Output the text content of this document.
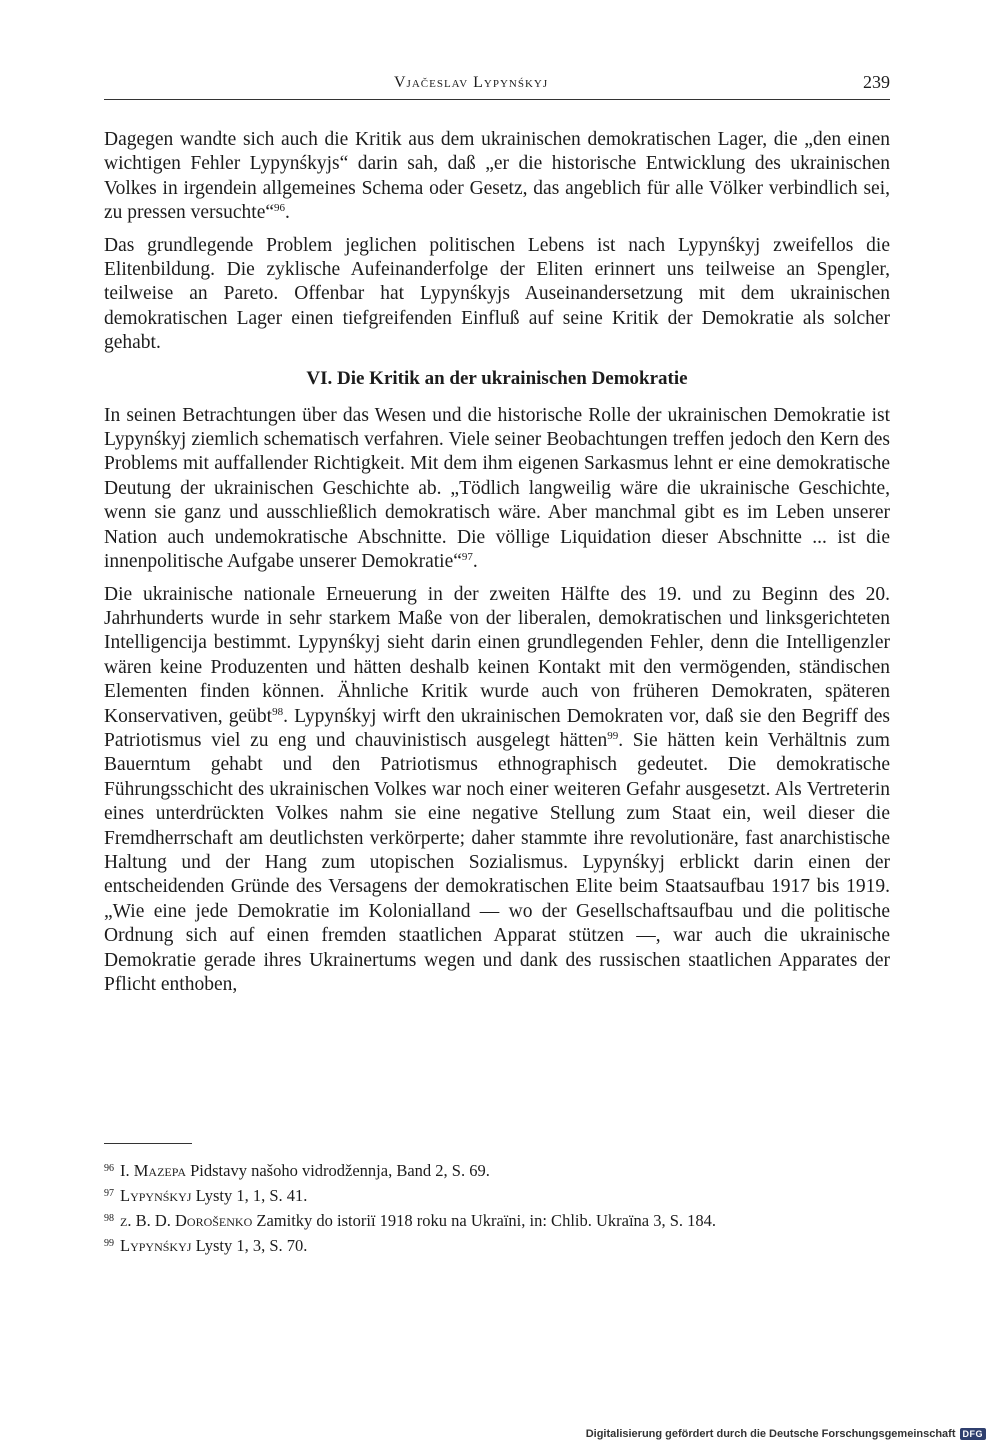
Vjačeslav Lypynśkyj	239

Dagegen wandte sich auch die Kritik aus dem ukrainischen demokratischen Lager, die „den einen wichtigen Fehler Lypynśkyjs“ darin sah, daß „er die historische Entwicklung des ukrainischen Volkes in irgendein allgemeines Schema oder Gesetz, das angeblich für alle Völker verbindlich sei, zu pressen versuchte“$^{96}$.

Das grundlegende Problem jeglichen politischen Lebens ist nach Lypynśkyj zweifellos die Elitenbildung. Die zyklische Aufeinanderfolge der Eliten erinnert uns teilweise an Spengler, teilweise an Pareto. Offenbar hat Lypynśkyjs Auseinandersetzung mit dem ukrainischen demokratischen Lager einen tiefgreifenden Einfluß auf seine Kritik der Demokratie als solcher gehabt.

VI. Die Kritik an der ukrainischen Demokratie

In seinen Betrachtungen über das Wesen und die historische Rolle der ukrainischen Demokratie ist Lypynśkyj ziemlich schematisch verfahren. Viele seiner Beobachtungen treffen jedoch den Kern des Problems mit auffallender Richtigkeit. Mit dem ihm eigenen Sarkasmus lehnt er eine demokratische Deutung der ukrainischen Geschichte ab. „Tödlich langweilig wäre die ukrainische Geschichte, wenn sie ganz und ausschließlich demokratisch wäre. Aber manchmal gibt es im Leben unserer Nation auch undemokratische Abschnitte. Die völlige Liquidation dieser Abschnitte ... ist die innenpolitische Aufgabe unserer Demokratie“$^{97}$.

Die ukrainische nationale Erneuerung in der zweiten Hälfte des 19. und zu Beginn des 20. Jahrhunderts wurde in sehr starkem Maße von der liberalen, demokratischen und linksgerichteten Intelligencija bestimmt. Lypynśkyj sieht darin einen grundlegenden Fehler, denn die Intelligenzler wären keine Produzenten und hätten deshalb keinen Kontakt mit den vermögenden, ständischen Elementen finden können. Ähnliche Kritik wurde auch von früheren Demokraten, späteren Konservativen, geübt$^{98}$. Lypynśkyj wirft den ukrainischen Demokraten vor, daß sie den Begriff des Patriotismus viel zu eng und chauvinistisch ausgelegt hätten$^{99}$. Sie hätten kein Verhältnis zum Bauerntum gehabt und den Patriotismus ethnographisch gedeutet. Die demokratische Führungsschicht des ukrainischen Volkes war noch einer weiteren Gefahr ausgesetzt. Als Vertreterin eines unterdrückten Volkes nahm sie eine negative Stellung zum Staat ein, weil dieser die Fremdherrschaft am deutlichsten verkörperte; daher stammte ihre revolutionäre, fast anarchistische Haltung und der Hang zum utopischen Sozialismus. Lypynśkyj erblickt darin einen der entscheidenden Gründe des Versagens der demokratischen Elite beim Staatsaufbau 1917 bis 1919. „Wie eine jede Demokratie im Kolonialland — wo der Gesellschaftsaufbau und die politische Ordnung sich auf einen fremden staatlichen Apparat stützen —, war auch die ukrainische Demokratie gerade ihres Ukrainertums wegen und dank des russischen staatlichen Apparates der Pflicht enthoben,

$^{96}$ I. Mazepa Pidstavy našoho vidrodžennja, Band 2, S. 69.

$^{97}$ Lypynśkyj Lysty 1, 1, S. 41.

$^{98}$ z. B. D. Dorošenko Zamitky do istoriï 1918 roku na Ukraïni, in: Chlib. Ukraïna 3, S. 184.

$^{99}$ Lypynśkyj Lysty 1, 3, S. 70.

Digitalisierung gefördert durch die Deutsche Forschungsgemeinschaft DFG
